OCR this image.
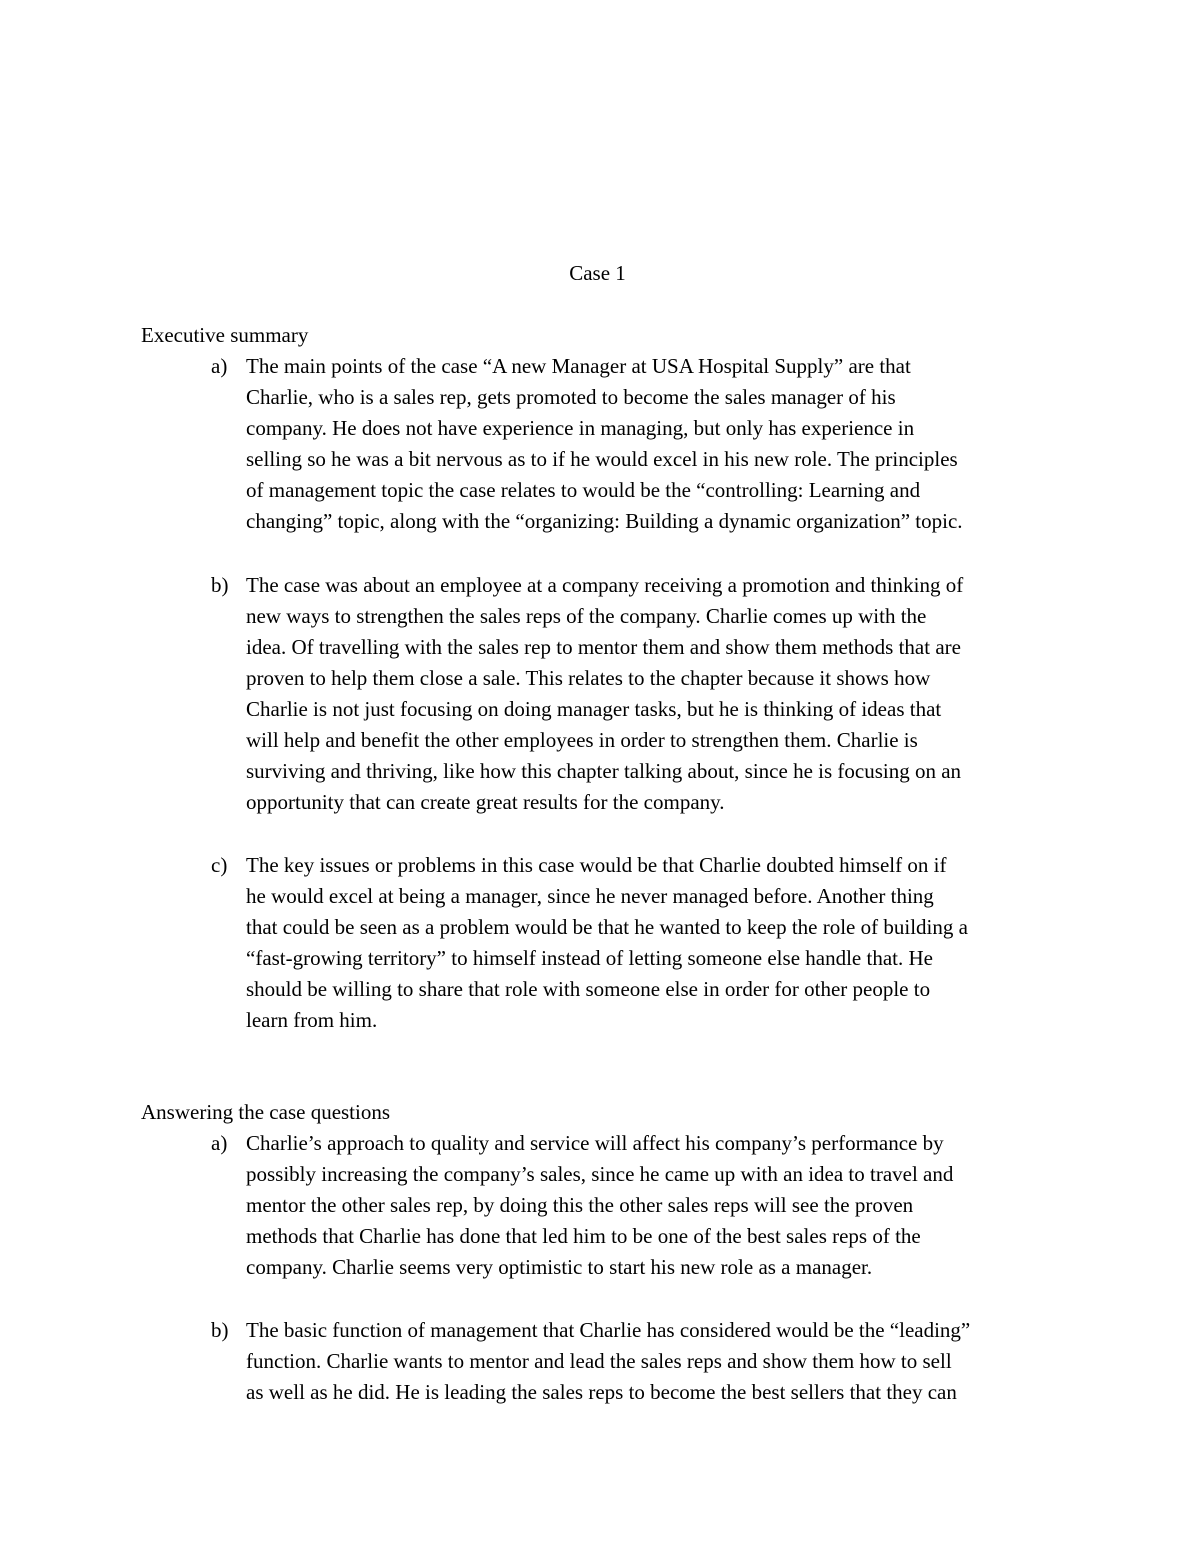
Case 1
Executive summary
a) The main points of the case “A new Manager at USA Hospital Supply” are that
Charlie, who is a sales rep, gets promoted to become the sales manager of his
company. He does not have experience in managing, but only has experience in
selling so he was a bit nervous as to if he would excel in his new role. The principles
of management topic the case relates to would be the “controlling: Learning and
changing” topic, along with the “organizing: Building a dynamic organization” topic.
b) The case was about an employee at a company receiving a promotion and thinking of
new ways to strengthen the sales reps of the company. Charlie comes up with the
idea. Of travelling with the sales rep to mentor them and show them methods that are
proven to help them close a sale. This relates to the chapter because it shows how
Charlie is not just focusing on doing manager tasks, but he is thinking of ideas that
will help and benefit the other employees in order to strengthen them. Charlie is
surviving and thriving, like how this chapter talking about, since he is focusing on an
opportunity that can create great results for the company.
c) The key issues or problems in this case would be that Charlie doubted himself on if
he would excel at being a manager, since he never managed before. Another thing
that could be seen as a problem would be that he wanted to keep the role of building a
“fast-growing territory” to himself instead of letting someone else handle that. He
should be willing to share that role with someone else in order for other people to
learn from him.
Answering the case questions
a) Charlie’s approach to quality and service will affect his company’s performance by
possibly increasing the company’s sales, since he came up with an idea to travel and
mentor the other sales rep, by doing this the other sales reps will see the proven
methods that Charlie has done that led him to be one of the best sales reps of the
company. Charlie seems very optimistic to start his new role as a manager.
b) The basic function of management that Charlie has considered would be the “leading”
function. Charlie wants to mentor and lead the sales reps and show them how to sell
as well as he did. He is leading the sales reps to become the best sellers that they can
